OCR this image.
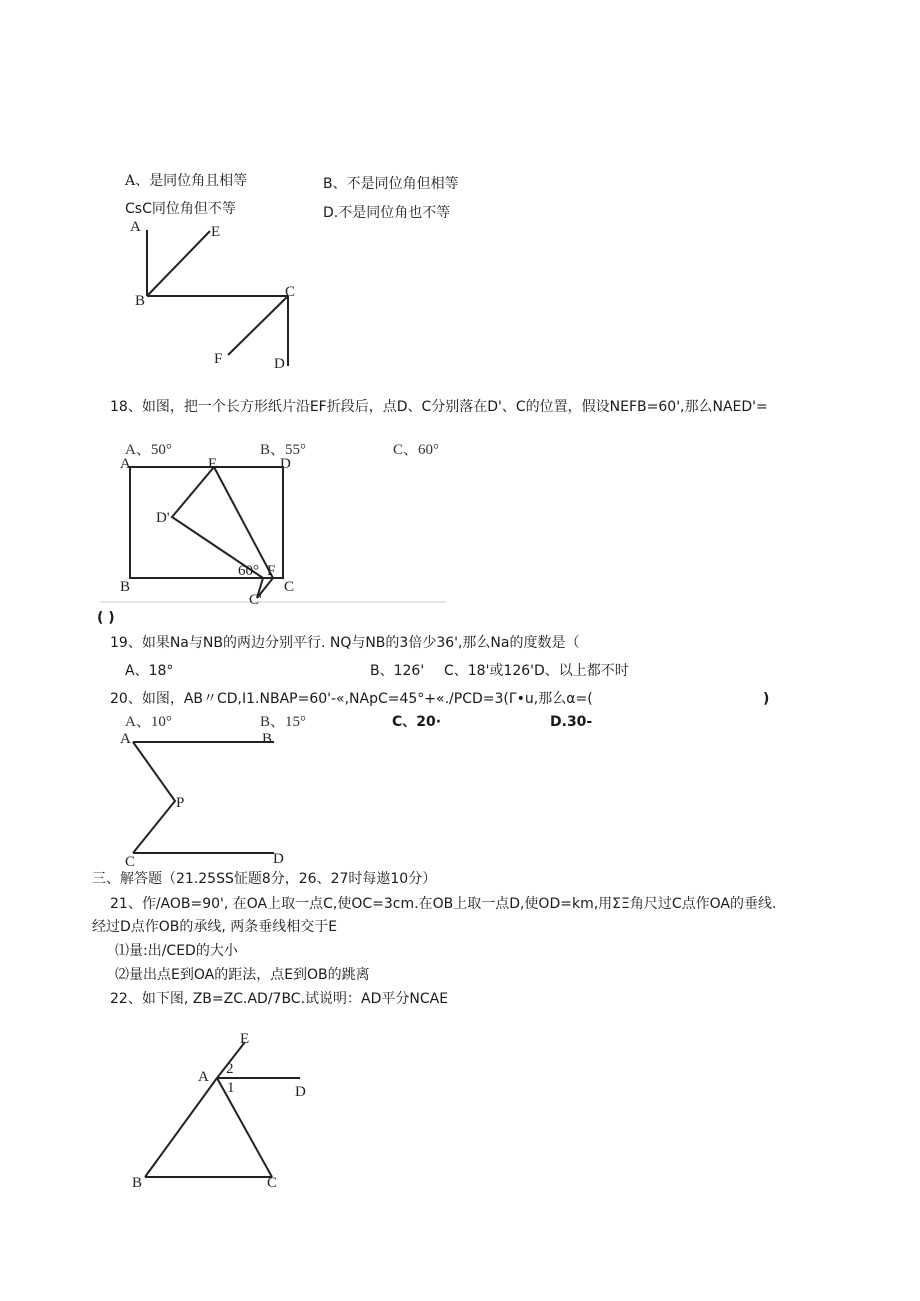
A、是同位角且相等	B、不是同位角但相等
CsC同位角但不等	D.不是同位角也不等
A	E
B
C
F	D
18、如图，把一个长方形纸片沿EF折段后，点D、C分别落在D'、C的位置，假设NEFB=60',那么NAED'=
A、50°	B、55°	C、60°
A	E	D
D'
B
60° F
C
C'
( )
19、如果Na与NB的两边分别平行. NQ与NB的3倍少36',那么Na的度数是（
A、18°	B、126' C、18'或126'D、以上都不时
20、如图，AB〃CD,I1.NBAP=60'-«,NApC=45°+«./PCD=3(Γ•u,那么α=(	)
A、10°	B、15°	C、20·	D.30-
A	B
P
C	D
三、解答题（21.25SS怔题8分，26、27时每遨10分）
21、作/AOB=90', 在OA上取一点C,使OC=3cm.在OB上取一点D,使OD=km,用ΣΞ角尺过C点作OA的垂线.
经过D点作OB的承线, 两条垂线相交于E
⑴量:出/CED的大小
⑵量出点E到OA的距法，点E到OB的跳离
22、如下图, ZB=ZC.AD/7BC.试说明：AD平分NCAE
E
A 2
1	D
B	C
